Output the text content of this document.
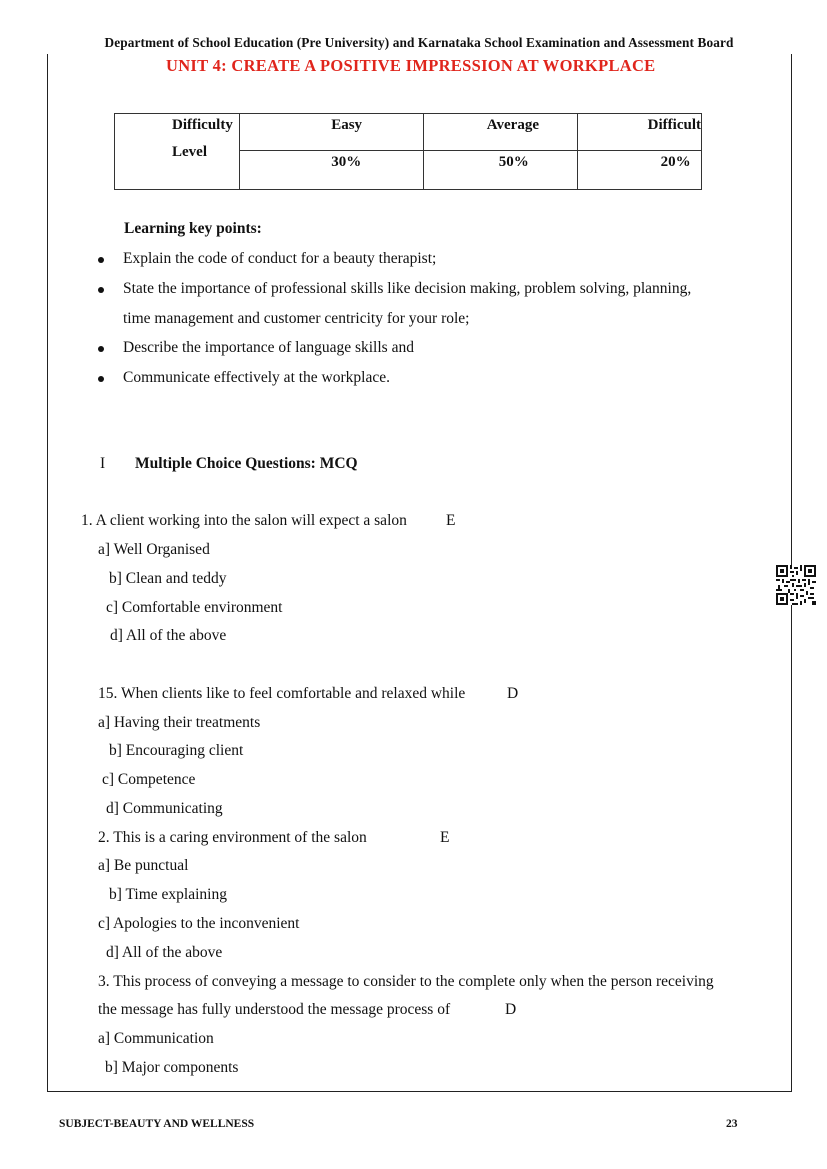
Department of School Education (Pre University) and Karnataka School Examination and Assessment Board
UNIT 4: CREATE A POSITIVE IMPRESSION AT WORKPLACE
Difficulty
Level	Easy	Average	Difficult
	30%	50%	20%
Learning key points:
Explain the code of conduct for a beauty therapist;
State the importance of professional skills like decision making, problem solving, planning,
time management and customer centricity for your role;
Describe the importance of language skills and
Communicate effectively at the workplace.
I Multiple Choice Questions: MCQ
1. A client working into the salon will expect a salon	E
a] Well Organised
b] Clean and teddy
c] Comfortable environment
d] All of the above
15. When clients like to feel comfortable and relaxed while	D
a] Having their treatments
b] Encouraging client
c] Competence
d] Communicating
2. This is a caring environment of the salon	E
a] Be punctual
b] Time explaining
c] Apologies to the inconvenient
d] All of the above
3. This process of conveying a message to consider to the complete only when the person receiving
the message has fully understood the message process of	D
a] Communication
b] Major components
SUBJECT-BEAUTY AND WELLNESS	23
